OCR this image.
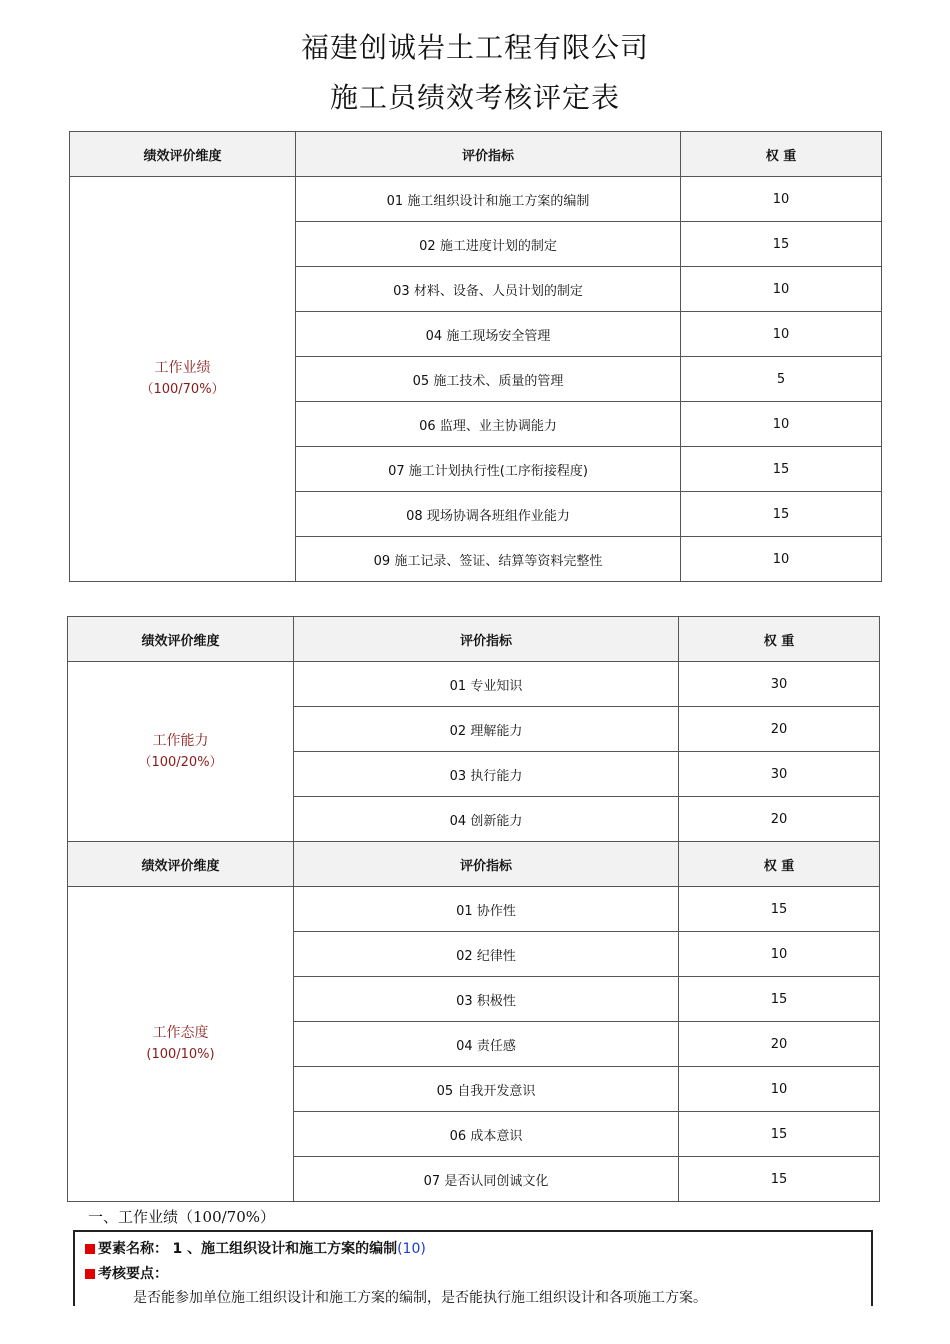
福建创诚岩土工程有限公司
施工员绩效考核评定表
绩效评价维度	评价指标	权 重

工作业绩
（100/70%）	01 施工组织设计和施工方案的编制	10
	02 施工进度计划的制定	15
	03 材料、设备、人员计划的制定	10
	04 施工现场安全管理	10
	05 施工技术、质量的管理	5
	06 监理、业主协调能力	10
	07 施工计划执行性(工序衔接程度)	15
	08 现场协调各班组作业能力	15
	09 施工记录、签证、结算等资料完整性	10
绩效评价维度	评价指标	权 重

工作能力
（100/20%）	01 专业知识	30
	02 理解能力	20
	03 执行能力	30
	04 创新能力	20
绩效评价维度	评价指标	权 重

工作态度
(100/10%)	01 协作性	15
	02 纪律性	10
	03 积极性	15
	04 责任感	20
	05 自我开发意识	10
	06 成本意识	15
	07 是否认同创诚文化	15
一、工作业绩（100/70%）
要素名称： 1 、施工组织设计和施工方案的编制(10)
考核要点：
是否能参加单位施工组织设计和施工方案的编制，是否能执行施工组织设计和各项施工方案。
